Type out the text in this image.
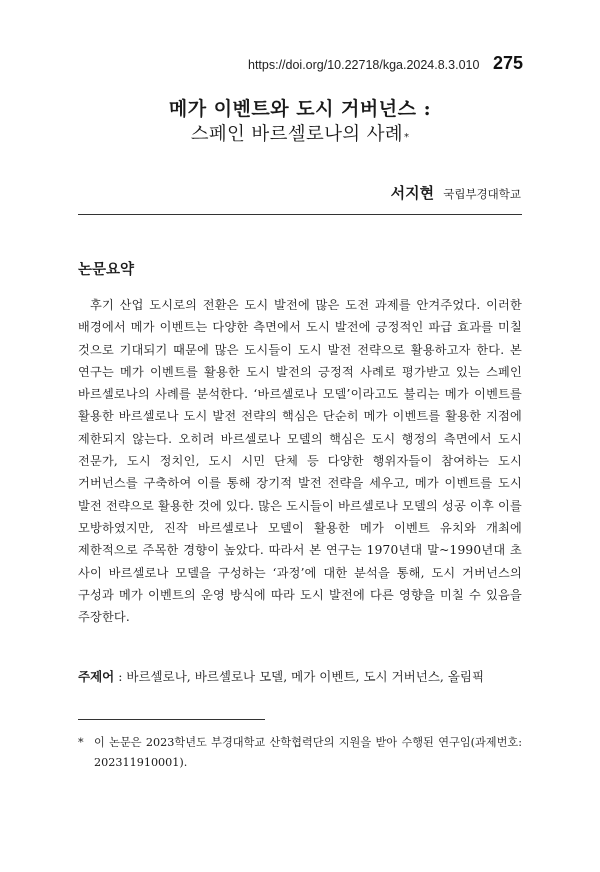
https://doi.org/10.22718/kga.2024.8.3.010 275
메가 이벤트와 도시 거버넌스 :
스페인 바르셀로나의 사례*
서지현 국립부경대학교
논문요약
후기 산업 도시로의 전환은 도시 발전에 많은 도전 과제를 안겨주었다. 이러한 배경에서 메가 이벤트는 다양한 측면에서 도시 발전에 긍정적인 파급 효과를 미칠 것으로 기대되기 때문에 많은 도시들이 도시 발전 전략으로 활용하고자 한다. 본 연구는 메가 이벤트를 활용한 도시 발전의 긍정적 사례로 평가받고 있는 스페인 바르셀로나의 사례를 분석한다. ‘바르셀로나 모델’이라고도 불리는 메가 이벤트를 활용한 바르셀로나 도시 발전 전략의 핵심은 단순히 메가 이벤트를 활용한 지점에 제한되지 않는다. 오히려 바르셀로나 모델의 핵심은 도시 행정의 측면에서 도시 전문가, 도시 정치인, 도시 시민 단체 등 다양한 행위자들이 참여하는 도시 거버넌스를 구축하여 이를 통해 장기적 발전 전략을 세우고, 메가 이벤트를 도시 발전 전략으로 활용한 것에 있다. 많은 도시들이 바르셀로나 모델의 성공 이후 이를 모방하였지만, 진작 바르셀로나 모델이 활용한 메가 이벤트 유치와 개최에 제한적으로 주목한 경향이 높았다. 따라서 본 연구는 1970년대 말~1990년대 초 사이 바르셀로나 모델을 구성하는 ‘과정’에 대한 분석을 통해, 도시 거버넌스의 구성과 메가 이벤트의 운영 방식에 따라 도시 발전에 다른 영향을 미칠 수 있음을 주장한다.
주제어 : 바르셀로나, 바르셀로나 모델, 메가 이벤트, 도시 거버넌스, 올림픽
* 이 논문은 2023학년도 부경대학교 산학협력단의 지원을 받아 수행된 연구임(과제번호: 202311910001).
